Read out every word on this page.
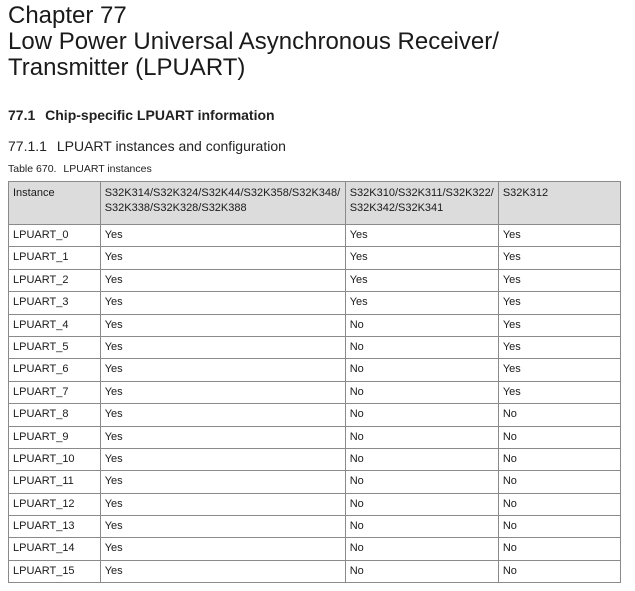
Chapter 77
Low Power Universal Asynchronous Receiver/
Transmitter (LPUART)
77.1 Chip-specific LPUART information
77.1.1 LPUART instances and configuration
Table 670. LPUART instances
Instance	S32K314/S32K324/S32K44/S32K358/S32K348/ S32K338/S32K328/S32K388	S32K310/S32K311/S32K322/ S32K342/S32K341	S32K312
LPUART_0	Yes	Yes	Yes
LPUART_1	Yes	Yes	Yes
LPUART_2	Yes	Yes	Yes
LPUART_3	Yes	Yes	Yes
LPUART_4	Yes	No	Yes
LPUART_5	Yes	No	Yes
LPUART_6	Yes	No	Yes
LPUART_7	Yes	No	Yes
LPUART_8	Yes	No	No
LPUART_9	Yes	No	No
LPUART_10	Yes	No	No
LPUART_11	Yes	No	No
LPUART_12	Yes	No	No
LPUART_13	Yes	No	No
LPUART_14	Yes	No	No
LPUART_15	Yes	No	No
